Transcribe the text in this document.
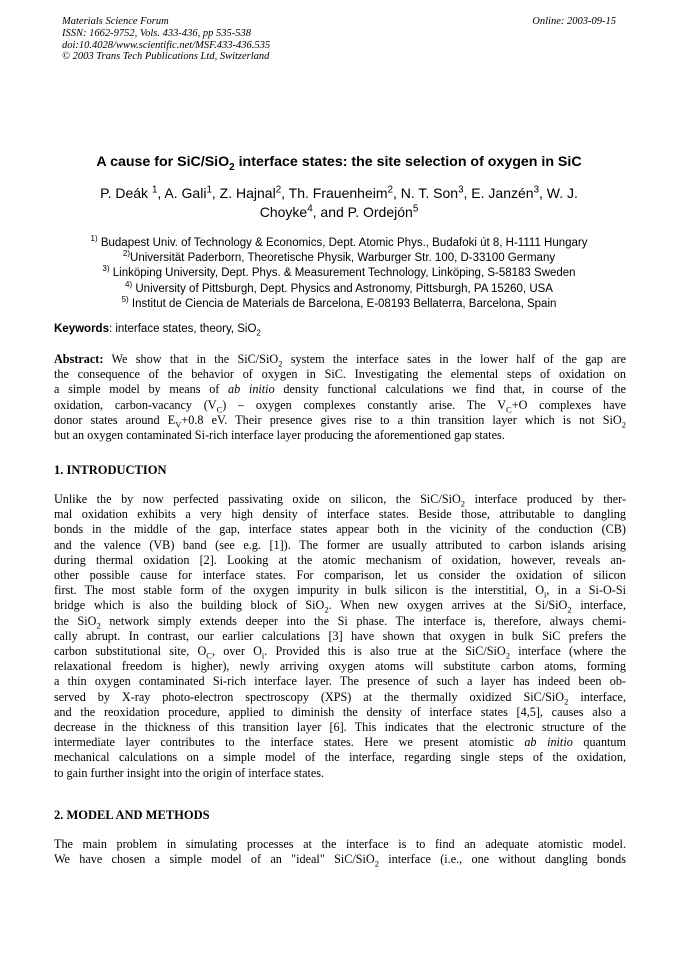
Materials Science Forum
ISSN: 1662-9752, Vols. 433-436, pp 535-538
doi:10.4028/www.scientific.net/MSF.433-436.535
© 2003 Trans Tech Publications Ltd, Switzerland
Online: 2003-09-15
A cause for SiC/SiO$_2$ interface states: the site selection of oxygen in SiC
P. Deák $^1$, A. Gali$^1$, Z. Hajnal$^2$, Th. Frauenheim$^2$, N. T. Son$^3$, E. Janzén$^3$, W. J.
Choyke$^4$, and P. Ordejón$^5$
$^{1)}$ Budapest Univ. of Technology & Economics, Dept. Atomic Phys., Budafoki út 8, H-1111 Hungary
$^{2)}$Universität Paderborn, Theoretische Physik, Warburger Str. 100, D-33100 Germany
$^{3)}$ Linköping University, Dept. Phys. & Measurement Technology, Linköping, S-58183 Sweden
$^{4)}$ University of Pittsburgh, Dept. Physics and Astronomy, Pittsburgh, PA 15260, USA
$^{5)}$ Institut de Ciencia de Materials de Barcelona, E-08193 Bellaterra, Barcelona, Spain
Keywords: interface states, theory, SiO$_2$
Abstract: We show that in the SiC/SiO$_2$ system the interface sates in the lower half of the gap are
the consequence of the behavior of oxygen in SiC. Investigating the elemental steps of oxidation on
a simple model by means of ab initio density functional calculations we find that, in course of the
oxidation, carbon-vacancy $(V_C)$ – oxygen complexes constantly arise. The $V_C+O$ complexes have
donor states around $E_V+0.8$ eV. Their presence gives rise to a thin transition layer which is not SiO$_2$
but an oxygen contaminated Si-rich interface layer producing the aforementioned gap states.
1. INTRODUCTION
Unlike the by now perfected passivating oxide on silicon, the SiC/SiO$_2$ interface produced by ther-
mal oxidation exhibits a very high density of interface states. Beside those, attributable to dangling
bonds in the middle of the gap, interface states appear both in the vicinity of the conduction (CB)
and the valence (VB) band (see e.g. [1]). The former are usually attributed to carbon islands arising
during thermal oxidation [2]. Looking at the atomic mechanism of oxidation, however, reveals an-
other possible cause for interface states. For comparison, let us consider the oxidation of silicon
first. The most stable form of the oxygen impurity in bulk silicon is the interstitial, $O_i$, in a Si-O-Si
bridge which is also the building block of SiO$_2$. When new oxygen arrives at the Si/SiO$_2$ interface,
the SiO$_2$ network simply extends deeper into the Si phase. The interface is, therefore, always chemi-
cally abrupt. In contrast, our earlier calculations [3] have shown that oxygen in bulk SiC prefers the
carbon substitutional site, $O_C$, over $O_i$. Provided this is also true at the SiC/SiO$_2$ interface (where the
relaxational freedom is higher), newly arriving oxygen atoms will substitute carbon atoms, forming
a thin oxygen contaminated Si-rich interface layer. The presence of such a layer has indeed been ob-
served by X-ray photo-electron spectroscopy (XPS) at the thermally oxidized SiC/SiO$_2$ interface,
and the reoxidation procedure, applied to diminish the density of interface states [4,5], causes also a
decrease in the thickness of this transition layer [6]. This indicates that the electronic structure of the
intermediate layer contributes to the interface states. Here we present atomistic ab initio quantum
mechanical calculations on a simple model of the interface, regarding single steps of the oxidation,
to gain further insight into the origin of interface states.
2. MODEL AND METHODS
The main problem in simulating processes at the interface is to find an adequate atomistic model.
We have chosen a simple model of an "ideal" SiC/SiO$_2$ interface (i.e., one without dangling bonds
